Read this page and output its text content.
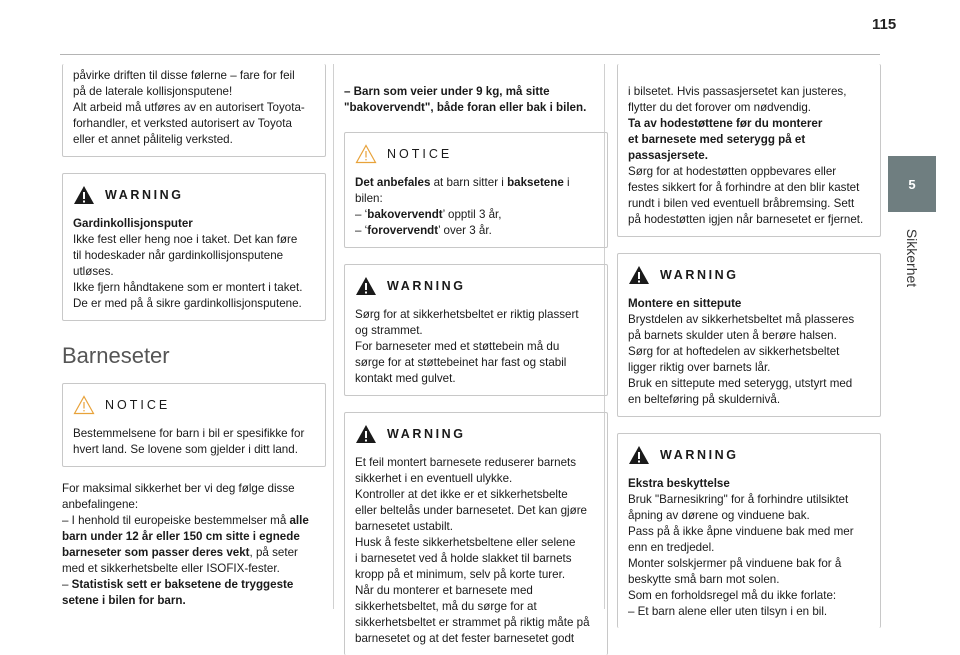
115
5
Sikkerhet

påvirke driften til disse følerne – fare for feil

på de laterale kollisjonsputene!

Alt arbeid må utføres av en autorisert Toyota-

forhandler, et verksted autorisert av Toyota

eller et annet pålitelig verksted.

WARNING

Gardinkollisjonsputer

Ikke fest eller heng noe i taket. Det kan føre

til hodeskader når gardinkollisjonsputene

utløses.

Ikke fjern håndtakene som er montert i taket.

De er med på å sikre gardinkollisjonsputene.

Barneseter
NOTICE

Bestemmelsene for barn i bil er spesifikke for

hvert land. Se lovene som gjelder i ditt land.

For maksimal sikkerhet ber vi deg følge disse

anbefalingene:

– I henhold til europeiske bestemmelser må alle

barn under 12 år eller 150 cm sitte i egnede

barneseter som passer deres vekt, på seter

med et sikkerhetsbelte eller ISOFIX-fester.

– Statistisk sett er baksetene de tryggeste

setene i bilen for barn.

– Barn som veier under 9 kg, må sitte

"bakovervendt", både foran eller bak i bilen.

NOTICE

Det anbefales at barn sitter i baksetene i

bilen:

– ‘bakovervendt’ opptil 3 år,

– ‘forovervendt’ over 3 år.

WARNING

Sørg for at sikkerhetsbeltet er riktig plassert

og strammet.

For barneseter med et støttebein må du

sørge for at støttebeinet har fast og stabil

kontakt med gulvet.

WARNING

Et feil montert barnesete reduserer barnets

sikkerhet i en eventuell ulykke.

Kontroller at det ikke er et sikkerhetsbelte

eller beltelås under barnesetet. Det kan gjøre

barnesetet ustabilt.

Husk å feste sikkerhetsbeltene eller selene

i barnesetet ved å holde slakket til barnets

kropp på et minimum, selv på korte turer.

Når du monterer et barnesete med

sikkerhetsbeltet, må du sørge for at

sikkerhetsbeltet er strammet på riktig måte på

barnesetet og at det fester barnesetet godt

i bilsetet. Hvis passasjersetet kan justeres,

flytter du det forover om nødvendig.

Ta av hodestøttene før du monterer

et barnesete med seterygg på et

passasjersete.

Sørg for at hodestøtten oppbevares eller

festes sikkert for å forhindre at den blir kastet

rundt i bilen ved eventuell bråbremsing. Sett

på hodestøtten igjen når barnesetet er fjernet.

WARNING

Montere en sittepute

Brystdelen av sikkerhetsbeltet må plasseres

på barnets skulder uten å berøre halsen.

Sørg for at hoftedelen av sikkerhetsbeltet

ligger riktig over barnets lår.

Bruk en sittepute med seterygg, utstyrt med

en belteføring på skuldernivå.

WARNING

Ekstra beskyttelse

Bruk "Barnesikring" for å forhindre utilsiktet

åpning av dørene og vinduene bak.

Pass på å ikke åpne vinduene bak med mer

enn en tredjedel.

Monter solskjermer på vinduene bak for å

beskytte små barn mot solen.

Som en forholdsregel må du ikke forlate:

– Et barn alene eller uten tilsyn i en bil.
